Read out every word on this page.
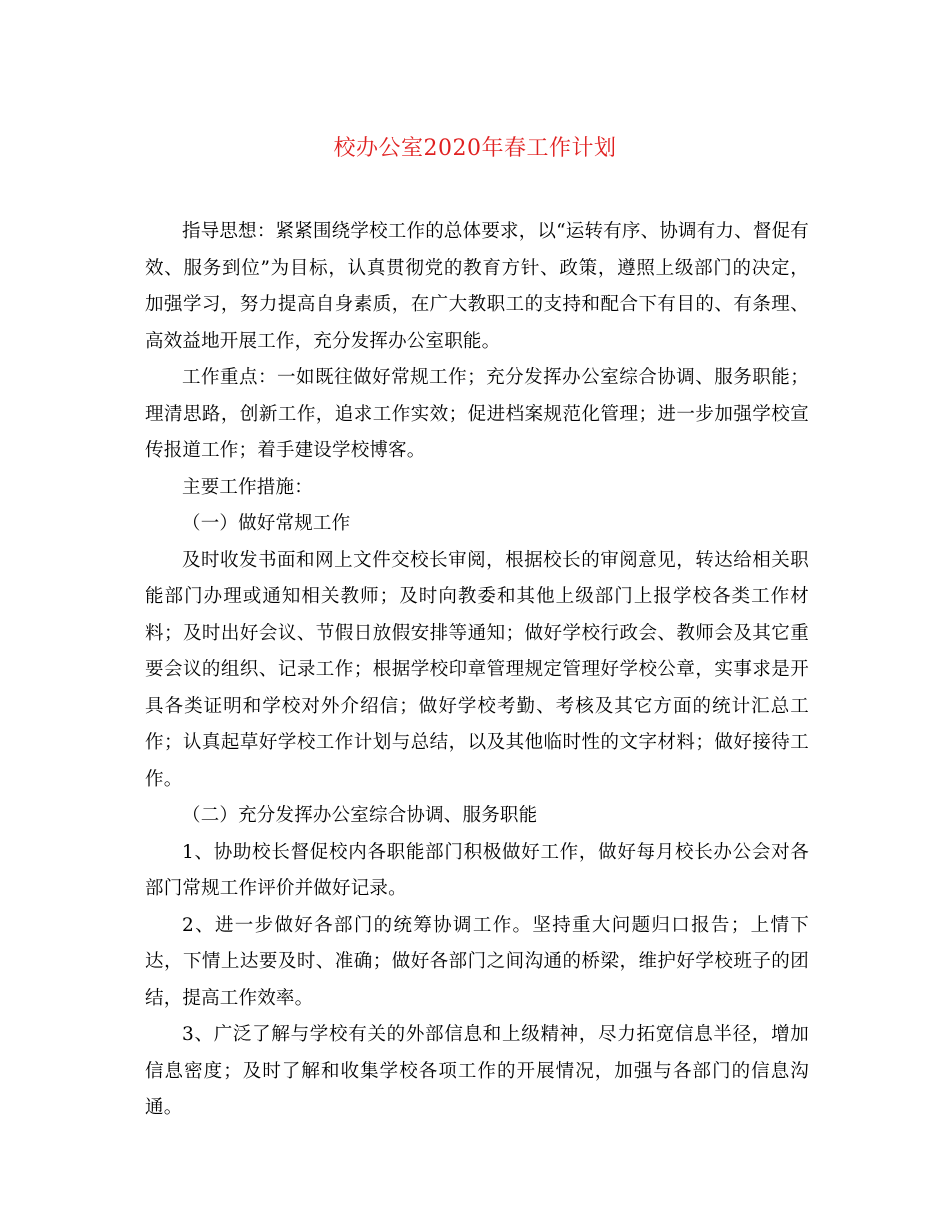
校办公室2020年春工作计划

指导思想：紧紧围绕学校工作的总体要求，以“运转有序、协调有力、督促有效、服务到位”为目标，认真贯彻党的教育方针、政策，遵照上级部门的决定，加强学习，努力提高自身素质，在广大教职工的支持和配合下有目的、有条理、高效益地开展工作，充分发挥办公室职能。

工作重点：一如既往做好常规工作；充分发挥办公室综合协调、服务职能；理清思路，创新工作，追求工作实效；促进档案规范化管理；进一步加强学校宣传报道工作；着手建设学校博客。

主要工作措施：

（一）做好常规工作

及时收发书面和网上文件交校长审阅，根据校长的审阅意见，转达给相关职能部门办理或通知相关教师；及时向教委和其他上级部门上报学校各类工作材料；及时出好会议、节假日放假安排等通知；做好学校行政会、教师会及其它重要会议的组织、记录工作；根据学校印章管理规定管理好学校公章，实事求是开具各类证明和学校对外介绍信；做好学校考勤、考核及其它方面的统计汇总工作；认真起草好学校工作计划与总结，以及其他临时性的文字材料；做好接待工作。

（二）充分发挥办公室综合协调、服务职能

1、协助校长督促校内各职能部门积极做好工作，做好每月校长办公会对各部门常规工作评价并做好记录。

2、进一步做好各部门的统筹协调工作。坚持重大问题归口报告；上情下达，下情上达要及时、准确；做好各部门之间沟通的桥梁，维护好学校班子的团结，提高工作效率。

3、广泛了解与学校有关的外部信息和上级精神，尽力拓宽信息半径，增加信息密度；及时了解和收集学校各项工作的开展情况，加强与各部门的信息沟通。
